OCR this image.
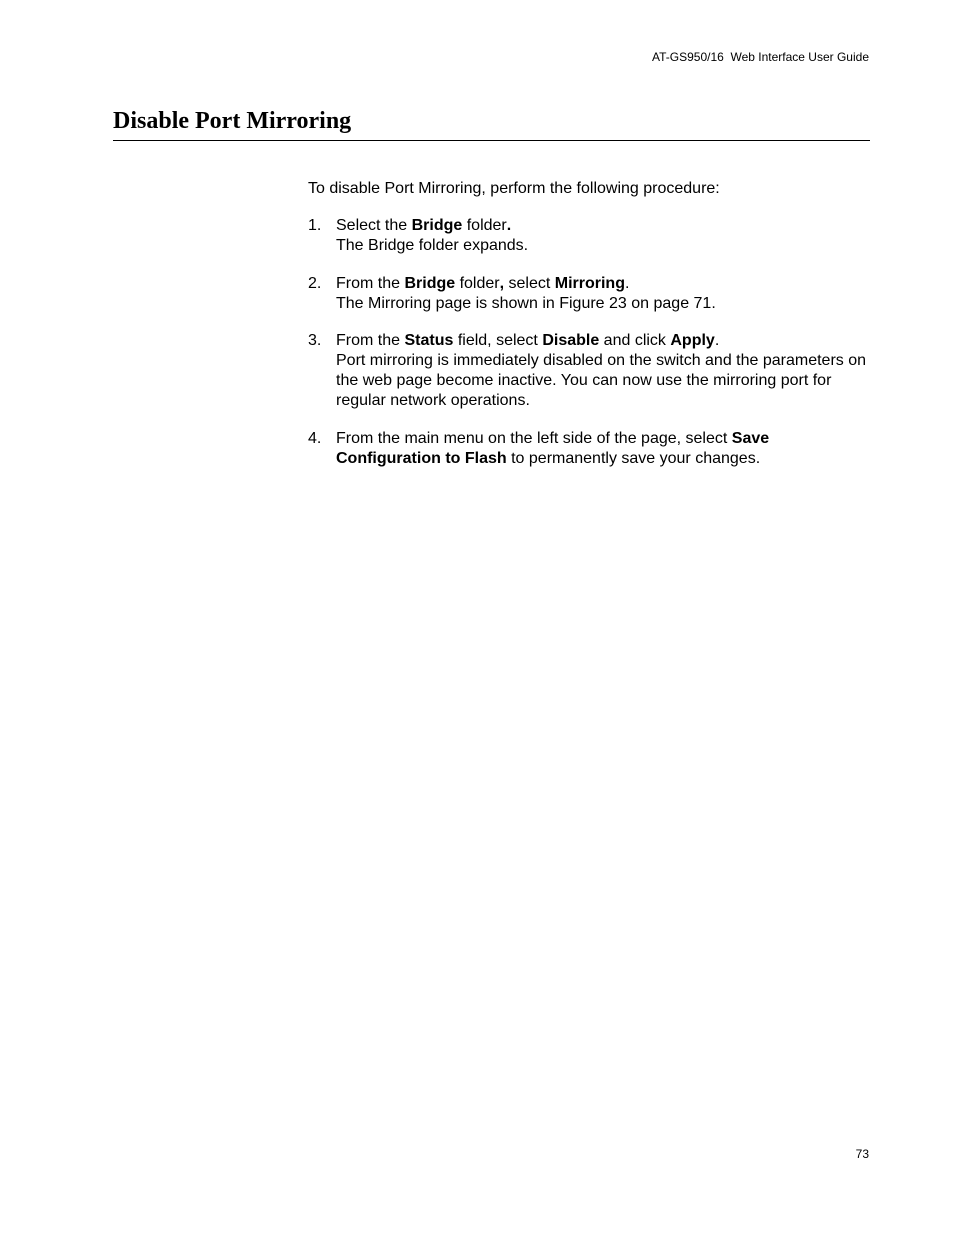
AT-GS950/16  Web Interface User Guide
Disable Port Mirroring

To disable Port Mirroring, perform the following procedure:

1. Select the Bridge folder.
The Bridge folder expands.
2. From the Bridge folder, select Mirroring.
The Mirroring page is shown in Figure 23 on page 71.
3. From the Status field, select Disable and click Apply.
Port mirroring is immediately disabled on the switch and the parameters on the web page become inactive. You can now use the mirroring port for regular network operations.
4. From the main menu on the left side of the page, select Save Configuration to Flash to permanently save your changes.
73
